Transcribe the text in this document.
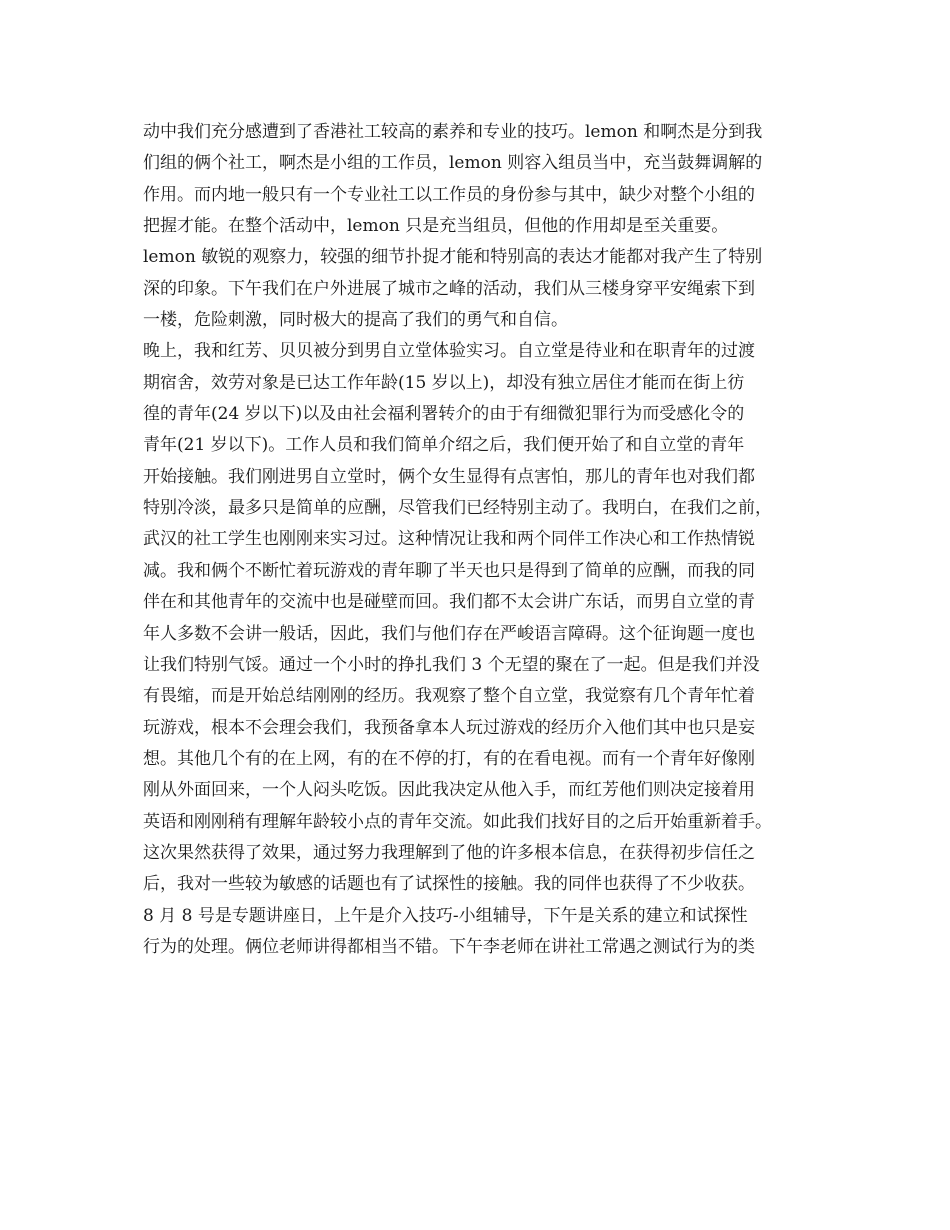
动中我们充分感遭到了香港社工较高的素养和专业的技巧。lemon 和啊杰是分到我
们组的俩个社工，啊杰是小组的工作员，lemon 则容入组员当中，充当鼓舞调解的
作用。而内地一般只有一个专业社工以工作员的身份参与其中，缺少对整个小组的
把握才能。在整个活动中，lemon 只是充当组员，但他的作用却是至关重要。
lemon 敏锐的观察力，较强的细节扑捉才能和特别高的表达才能都对我产生了特别
深的印象。下午我们在户外进展了城市之峰的活动，我们从三楼身穿平安绳索下到
一楼，危险刺激，同时极大的提高了我们的勇气和自信。
晚上，我和红芳、贝贝被分到男自立堂体验实习。自立堂是待业和在职青年的过渡
期宿舍，效劳对象是已达工作年龄(15 岁以上)，却没有独立居住才能而在街上彷
徨的青年(24 岁以下)以及由社会福利署转介的由于有细微犯罪行为而受感化令的
青年(21 岁以下)。工作人员和我们简单介绍之后，我们便开始了和自立堂的青年
开始接触。我们刚进男自立堂时，俩个女生显得有点害怕，那儿的青年也对我们都
特别冷淡，最多只是简单的应酬，尽管我们已经特别主动了。我明白，在我们之前，
武汉的社工学生也刚刚来实习过。这种情况让我和两个同伴工作决心和工作热情锐
减。我和俩个不断忙着玩游戏的青年聊了半天也只是得到了简单的应酬，而我的同
伴在和其他青年的交流中也是碰壁而回。我们都不太会讲广东话，而男自立堂的青
年人多数不会讲一般话，因此，我们与他们存在严峻语言障碍。这个征询题一度也
让我们特别气馁。通过一个小时的挣扎我们 3 个无望的聚在了一起。但是我们并没
有畏缩，而是开始总结刚刚的经历。我观察了整个自立堂，我觉察有几个青年忙着
玩游戏，根本不会理会我们，我预备拿本人玩过游戏的经历介入他们其中也只是妄
想。其他几个有的在上网，有的在不停的打，有的在看电视。而有一个青年好像刚
刚从外面回来，一个人闷头吃饭。因此我决定从他入手，而红芳他们则决定接着用
英语和刚刚稍有理解年龄较小点的青年交流。如此我们找好目的之后开始重新着手。
这次果然获得了效果，通过努力我理解到了他的许多根本信息，在获得初步信任之
后，我对一些较为敏感的话题也有了试探性的接触。我的同伴也获得了不少收获。
8 月 8 号是专题讲座日，上午是介入技巧-小组辅导，下午是关系的建立和试探性
行为的处理。俩位老师讲得都相当不错。下午李老师在讲社工常遇之测试行为的类
